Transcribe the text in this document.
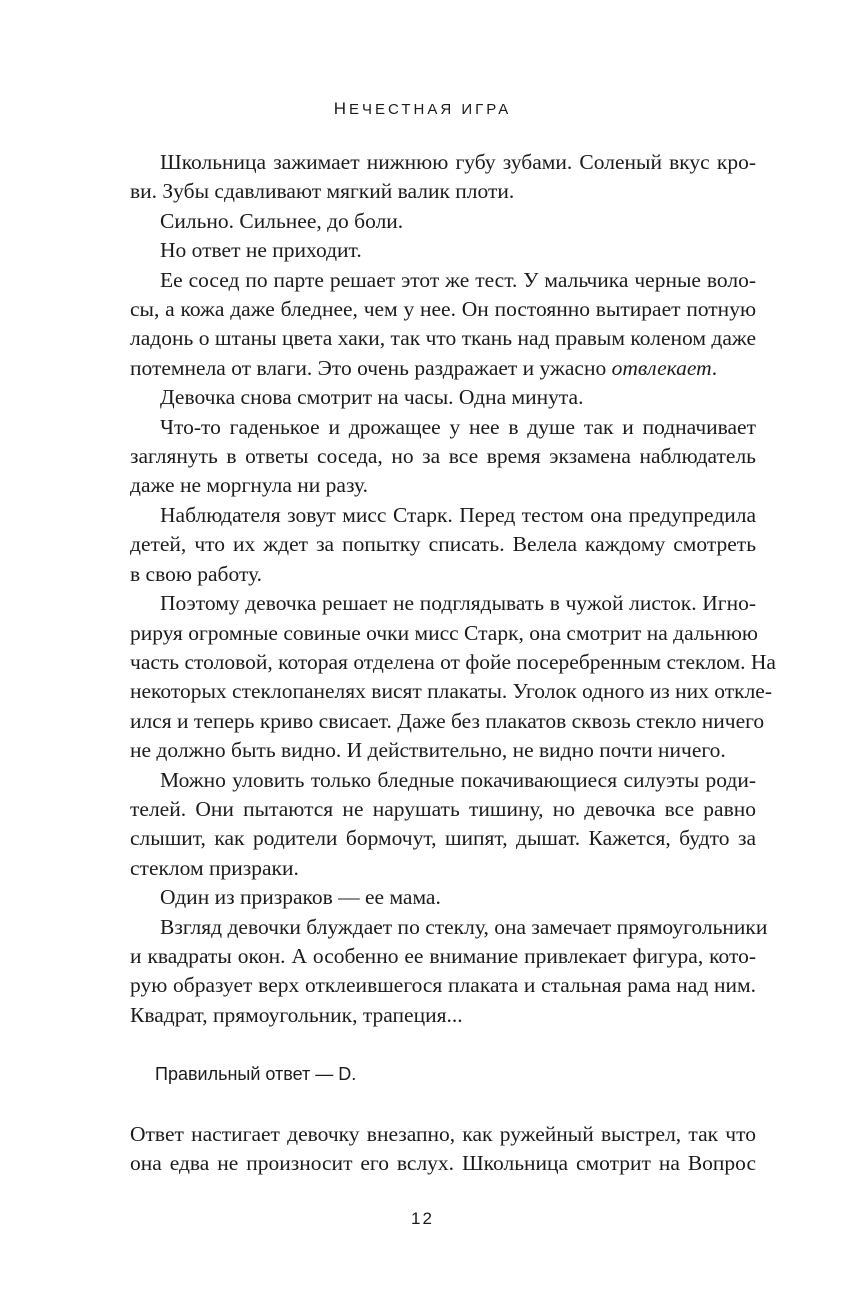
НЕЧЕСТНАЯ ИГРА
Школьница зажимает нижнюю губу зубами. Соленый вкус кро-
ви. Зубы сдавливают мягкий валик плоти.
Сильно. Сильнее, до боли.
Но ответ не приходит.
Ее сосед по парте решает этот же тест. У мальчика черные воло-
сы, а кожа даже бледнее, чем у нее. Он постоянно вытирает потную
ладонь о штаны цвета хаки, так что ткань над правым коленом даже
потемнела от влаги. Это очень раздражает и ужасно отвлекает.
Девочка снова смотрит на часы. Одна минута.
Что-то гаденькое и дрожащее у нее в душе так и подначивает
заглянуть в ответы соседа, но за все время экзамена наблюдатель
даже не моргнула ни разу.
Наблюдателя зовут мисс Старк. Перед тестом она предупредила
детей, что их ждет за попытку списать. Велела каждому смотреть
в свою работу.
Поэтому девочка решает не подглядывать в чужой листок. Игно-
рируя огромные совиные очки мисс Старк, она смотрит на дальнюю
часть столовой, которая отделена от фойе посеребренным стеклом. На
некоторых стеклопанелях висят плакаты. Уголок одного из них откле-
ился и теперь криво свисает. Даже без плакатов сквозь стекло ничего
не должно быть видно. И действительно, не видно почти ничего.
Можно уловить только бледные покачивающиеся силуэты роди-
телей. Они пытаются не нарушать тишину, но девочка все равно
слышит, как родители бормочут, шипят, дышат. Кажется, будто за
стеклом призраки.
Один из призраков — ее мама.
Взгляд девочки блуждает по стеклу, она замечает прямоугольники
и квадраты окон. А особенно ее внимание привлекает фигура, кото-
рую образует верх отклеившегося плаката и стальная рама над ним.
Квадрат, прямоугольник, трапеция...
Правильный ответ — D.
Ответ настигает девочку внезапно, как ружейный выстрел, так что
она едва не произносит его вслух. Школьница смотрит на Вопрос
12
